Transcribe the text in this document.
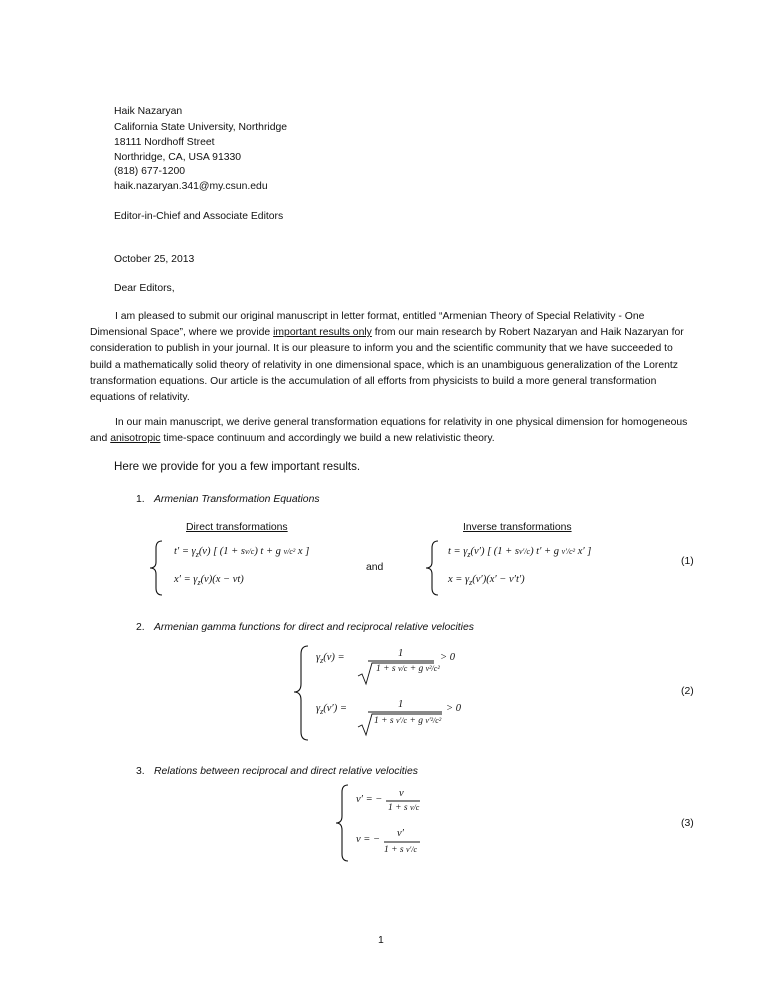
Haik Nazaryan
California State University, Northridge
18111 Nordhoff Street
Northridge, CA, USA 91330
(818) 677-1200
haik.nazaryan.341@my.csun.edu
Editor-in-Chief and Associate Editors
October 25, 2013
Dear Editors,
I am pleased to submit our original manuscript in letter format, entitled “Armenian Theory of Special Relativity - One Dimensional Space”, where we provide important results only from our main research by Robert Nazaryan and Haik Nazaryan for consideration to publish in your journal. It is our pleasure to inform you and the scientific community that we have succeeded to build a mathematically solid theory of relativity in one dimensional space, which is an unambiguous generalization of the Lorentz transformation equations. Our article is the accumulation of all efforts from physicists to build a more general transformation equations of relativity.
In our main manuscript, we derive general transformation equations for relativity in one physical dimension for homogeneous and anisotropic time-space continuum and accordingly we build a new relativistic theory.
Here we provide for you a few important results.
1. Armenian Transformation Equations
Direct transformations	Inverse transformations
$t' = \gamma_z(v)$ [ (1 + sv/c) t + g v/c² x ]
$x' = \gamma_z(v)(x - vt)$
and
$t = \gamma_z(v')$ [ (1 + sv′/c) t′ + g v′/c² x′ ]
$x = \gamma_z(v')(x' - v't')$
(1)
2. Armenian gamma functions for direct and reciprocal relative velocities
$\gamma_z(v)$ =	1
1 + s v/c + g v²/c²
> 0
$\gamma_z(v')$ =	1
1 + s v′/c + g v′²/c²
> 0
(2)
3. Relations between reciprocal and direct relative velocities
v′ = −
v
1 + s v/c
v = −
v′
1 + s v′/c
(3)
1
